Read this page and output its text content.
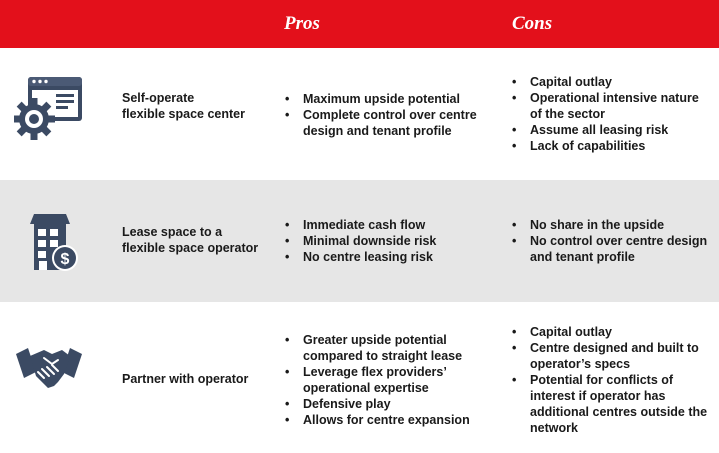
Pros	Cons
Self-operate
flexible space center
• Maximum upside potential
• Complete control over centre design and tenant profile
• Capital outlay
• Operational intensive nature of the sector
• Assume all leasing risk
• Lack of capabilities
$
Lease space to a
flexible space operator
• Immediate cash flow
• Minimal downside risk
• No centre leasing risk
• No share in the upside
• No control over centre design and tenant profile
Partner with operator
• Greater upside potential compared to straight lease
• Leverage flex providers’ operational expertise
• Defensive play
• Allows for centre expansion
• Capital outlay
• Centre designed and built to operator’s specs
• Potential for conflicts of interest if operator has additional centres outside the network
